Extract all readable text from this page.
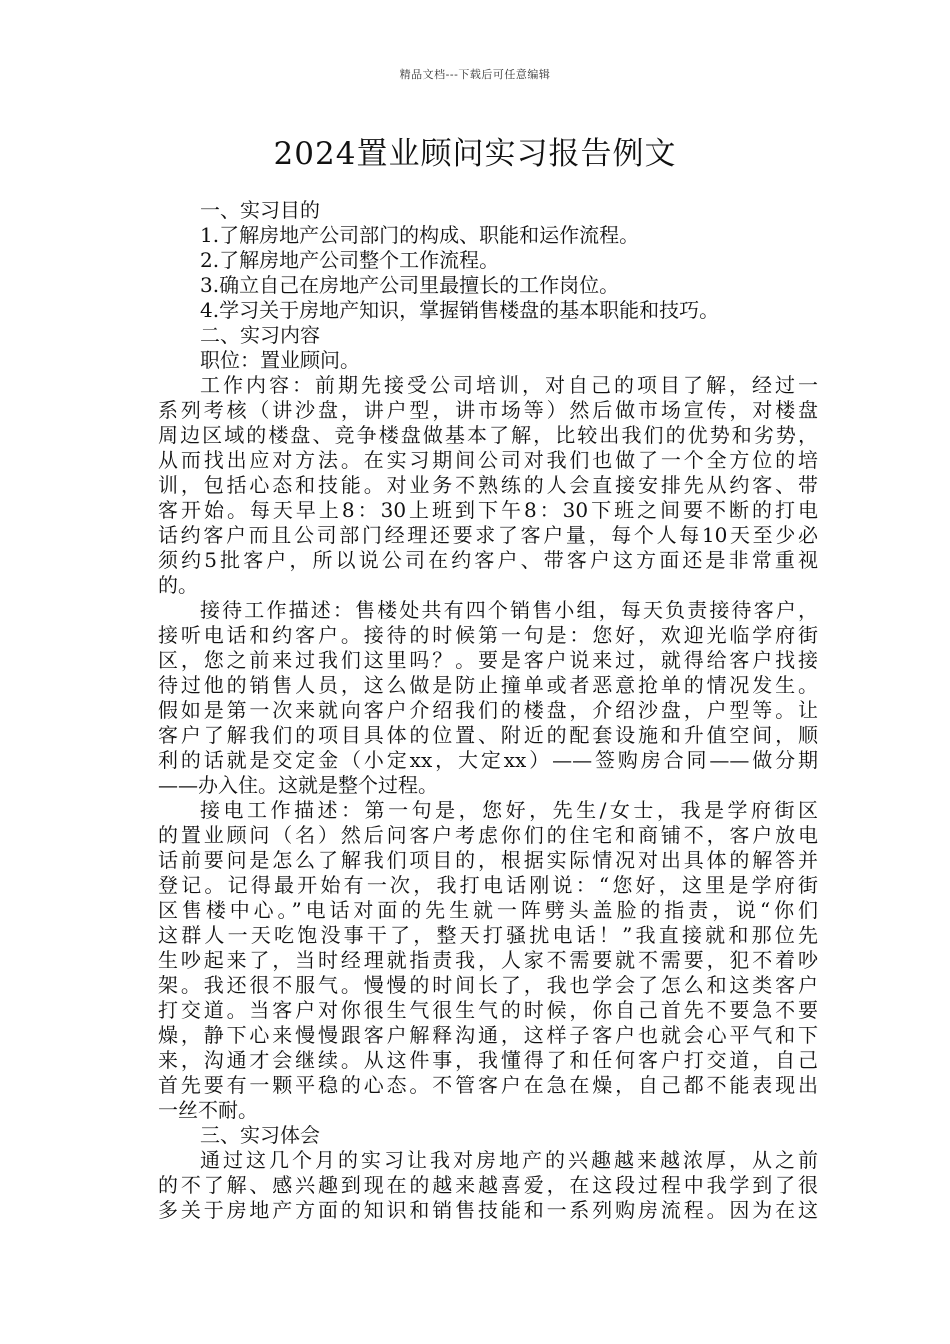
精品文档---下载后可任意编辑
2024置业顾问实习报告例文
一、实习目的
1.了解房地产公司部门的构成、职能和运作流程。
2.了解房地产公司整个工作流程。
3.确立自己在房地产公司里最擅长的工作岗位。
4.学习关于房地产知识，掌握销售楼盘的基本职能和技巧。
二、实习内容
职位：置业顾问。
工作内容：前期先接受公司培训，对自己的项目了解，经过一
系列考核（讲沙盘，讲户型，讲市场等）然后做市场宣传，对楼盘
周边区域的楼盘、竞争楼盘做基本了解，比较出我们的优势和劣势，
从而找出应对方法。在实习期间公司对我们也做了一个全方位的培
训，包括心态和技能。对业务不熟练的人会直接安排先从约客、带
客开始。每天早上8：30上班到下午8：30下班之间要不断的打电
话约客户而且公司部门经理还要求了客户量，每个人每10天至少必
须约5批客户，所以说公司在约客户、带客户这方面还是非常重视
的。
接待工作描述：售楼处共有四个销售小组，每天负责接待客户，
接听电话和约客户。接待的时候第一句是：您好，欢迎光临学府街
区，您之前来过我们这里吗？。要是客户说来过，就得给客户找接
待过他的销售人员，这么做是防止撞单或者恶意抢单的情况发生。
假如是第一次来就向客户介绍我们的楼盘，介绍沙盘，户型等。让
客户了解我们的项目具体的位置、附近的配套设施和升值空间，顺
利的话就是交定金（小定xx，大定xx）——签购房合同——做分期
——办入住。这就是整个过程。
接电工作描述：第一句是，您好，先生/女士，我是学府街区
的置业顾问（名）然后问客户考虑你们的住宅和商铺不，客户放电
话前要问是怎么了解我们项目的，根据实际情况对出具体的解答并
登记。记得最开始有一次，我打电话刚说：“您好，这里是学府街
区售楼中心。”电话对面的先生就一阵劈头盖脸的指责，说“你们
这群人一天吃饱没事干了，整天打骚扰电话！”我直接就和那位先
生吵起来了，当时经理就指责我，人家不需要就不需要，犯不着吵
架。我还很不服气。慢慢的时间长了，我也学会了怎么和这类客户
打交道。当客户对你很生气很生气的时候，你自己首先不要急不要
燥，静下心来慢慢跟客户解释沟通，这样子客户也就会心平气和下
来，沟通才会继续。从这件事，我懂得了和任何客户打交道，自己
首先要有一颗平稳的心态。不管客户在急在燥，自己都不能表现出
一丝不耐。
三、实习体会
通过这几个月的实习让我对房地产的兴趣越来越浓厚，从之前
的不了解、感兴趣到现在的越来越喜爱，在这段过程中我学到了很
多关于房地产方面的知识和销售技能和一系列购房流程。因为在这
